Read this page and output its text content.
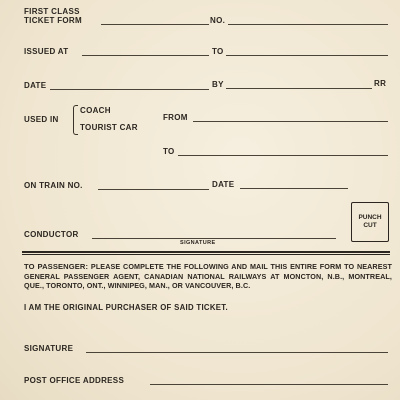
FIRST CLASS
TICKET FORM	NO.
ISSUED AT	TO
DATE	BY	RR
USED IN
COACH
TOURIST CAR
FROM
TO
ON TRAIN NO.	DATE
PUNCH
CUT
CONDUCTOR
SIGNATURE
TO PASSENGER: PLEASE COMPLETE THE FOLLOWING AND MAIL THIS ENTIRE FORM TO NEAREST GENERAL PASSENGER AGENT, CANADIAN NATIONAL RAILWAYS AT MONCTON, N.B., MONTREAL, QUE., TORONTO, ONT., WINNIPEG, MAN., OR VANCOUVER, B.C.
I AM THE ORIGINAL PURCHASER OF SAID TICKET.
SIGNATURE
POST OFFICE ADDRESS
